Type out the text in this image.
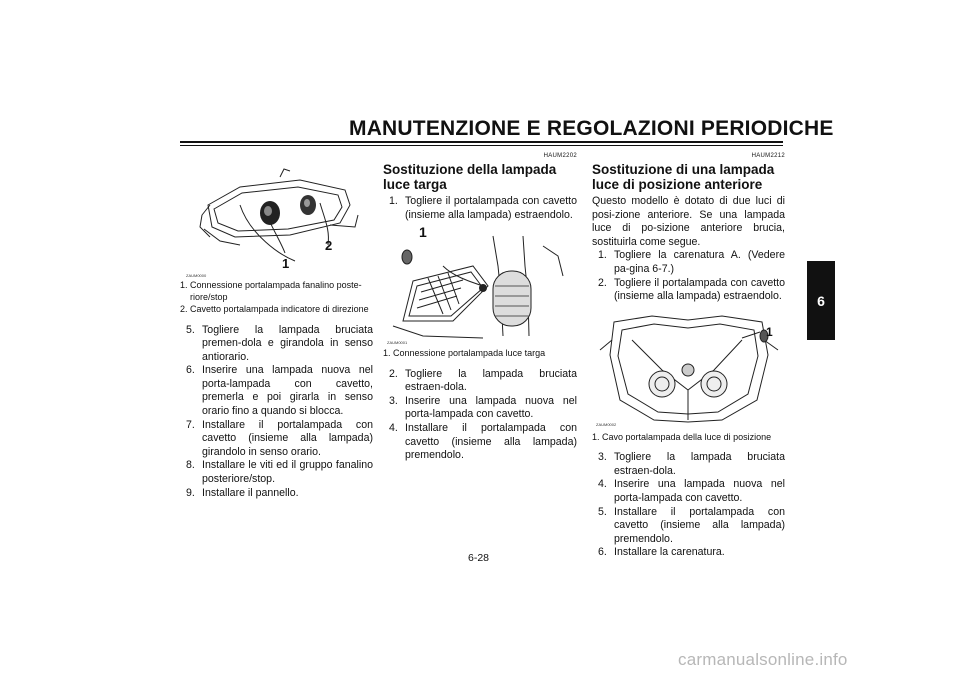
MANUTENZIONE E REGOLAZIONI PERIODICHE
6
ZAUM0000
1
2
1. Connessione portalampada fanalino poste-riore/stop
2. Cavetto portalampada indicatore di direzione
5. Togliere la lampada bruciata premen-dola e girandola in senso antiorario.
6. Inserire una lampada nuova nel porta-lampada con cavetto, premerla e poi girarla in senso orario fino a quando si blocca.
7. Installare il portalampada con cavetto (insieme alla lampada) girandolo in senso orario.
8. Installare le viti ed il gruppo fanalino posteriore/stop.
9. Installare il pannello.
HAUM2202
Sostituzione della lampada luce targa
1. Togliere il portalampada con cavetto (insieme alla lampada) estraendolo.
ZAUM0001
1
1. Connessione portalampada luce targa
2. Togliere la lampada bruciata estraen-dola.
3. Inserire una lampada nuova nel porta-lampada con cavetto.
4. Installare il portalampada con cavetto (insieme alla lampada) premendolo.
HAUM2212
Sostituzione di una lampada luce di posizione anteriore
Questo modello è dotato di due luci di posi-zione anteriore. Se una lampada luce di po-sizione anteriore brucia, sostituirla come segue.
1. Togliere la carenatura A. (Vedere pa-gina 6-7.)
2. Togliere il portalampada con cavetto (insieme alla lampada) estraendolo.
ZAUM0002
1
1. Cavo portalampada della luce di posizione
3. Togliere la lampada bruciata estraen-dola.
4. Inserire una lampada nuova nel porta-lampada con cavetto.
5. Installare il portalampada con cavetto (insieme alla lampada) premendolo.
6. Installare la carenatura.
6-28
carmanualsonline.info
